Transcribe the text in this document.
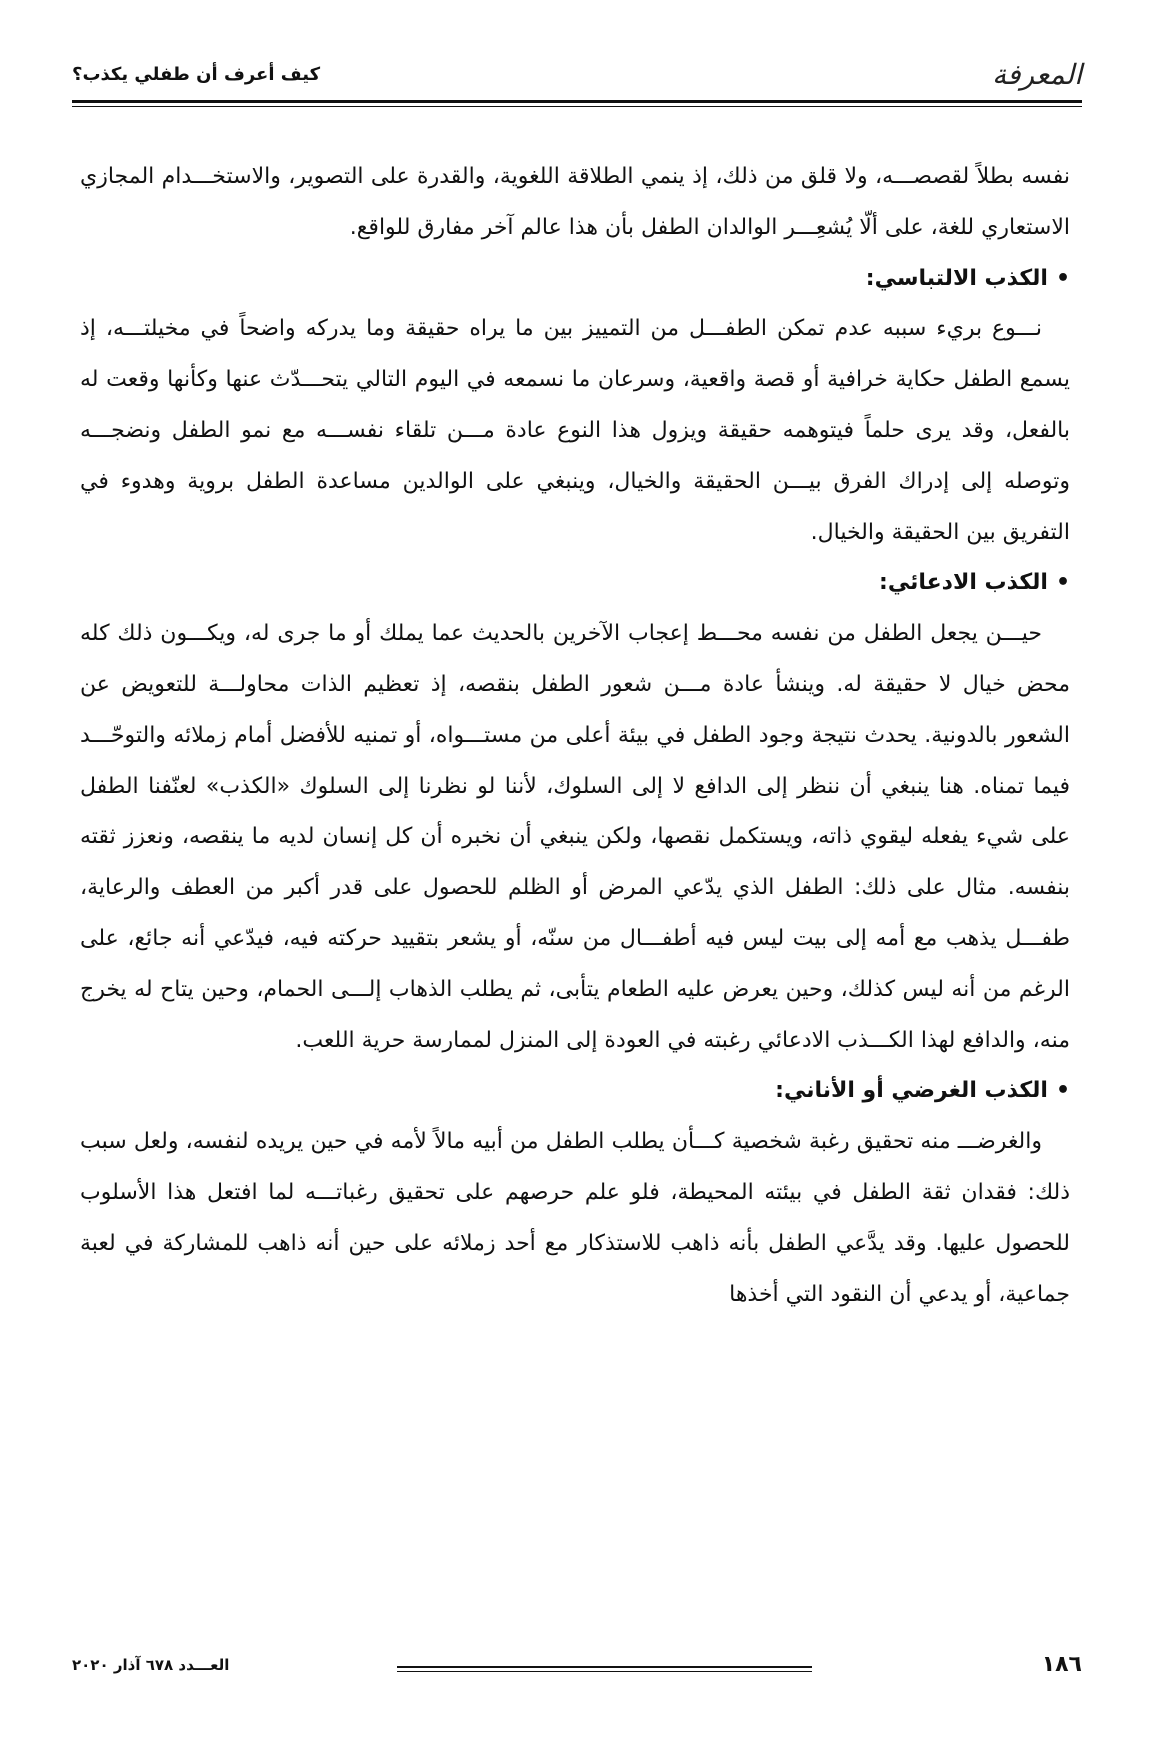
المعرفة
كيف أعرف أن طفلي يكذب؟

نفسه بطلاً لقصصـــه، ولا قلق من ذلك، إذ ينمي الطلاقة اللغوية، والقدرة على التصوير، والاستخـــدام المجازي الاستعاري للغة، على ألّا يُشعِـــر الوالدان الطفل بأن هذا عالم آخر مفارق للواقع.

•الكذب الالتباسي:

نـــوع بريء سببه عدم تمكن الطفـــل من التمييز بين ما يراه حقيقة وما يدركه واضحاً في مخيلتـــه، إذ يسمع الطفل حكاية خرافية أو قصة واقعية، وسرعان ما نسمعه في اليوم التالي يتحـــدّث عنها وكأنها وقعت له بالفعل، وقد يرى حلماً فيتوهمه حقيقة ويزول هذا النوع عادة مـــن تلقاء نفســـه مع نمو الطفل ونضجـــه وتوصله إلى إدراك الفرق بيـــن الحقيقة والخيال، وينبغي على الوالدين مساعدة الطفل بروية وهدوء في التفريق بين الحقيقة والخيال.

•الكذب الادعائي:

حيـــن يجعل الطفل من نفسه محـــط إعجاب الآخرين بالحديث عما يملك أو ما جرى له، ويكـــون ذلك كله محض خيال لا حقيقة له. وينشأ عادة مـــن شعور الطفل بنقصه، إذ تعظيم الذات محاولـــة للتعويض عن الشعور بالدونية. يحدث نتيجة وجود الطفل في بيئة أعلى من مستـــواه، أو تمنيه للأفضل أمام زملائه والتوحّـــد فيما تمناه. هنا ينبغي أن ننظر إلى الدافع لا إلى السلوك، لأننا لو نظرنا إلى السلوك «الكذب» لعنّفنا الطفل على شيء يفعله ليقوي ذاته، ويستكمل نقصها، ولكن ينبغي أن نخبره أن كل إنسان لديه ما ينقصه، ونعزز ثقته بنفسه. مثال على ذلك: الطفل الذي يدّعي المرض أو الظلم للحصول على قدر أكبر من العطف والرعاية، طفـــل يذهب مع أمه إلى بيت ليس فيه أطفـــال من سنّه، أو يشعر بتقييد حركته فيه، فيدّعي أنه جائع، على الرغم من أنه ليس كذلك، وحين يعرض عليه الطعام يتأبى، ثم يطلب الذهاب إلـــى الحمام، وحين يتاح له يخرج منه، والدافع لهذا الكـــذب الادعائي رغبته في العودة إلى المنزل لممارسة حرية اللعب.

•الكذب الغرضي أو الأناني:

والغرضـــ منه تحقيق رغبة شخصية كـــأن يطلب الطفل من أبيه مالاً لأمه في حين يريده لنفسه، ولعل سبب ذلك: فقدان ثقة الطفل في بيئته المحيطة، فلو علم حرصهم على تحقيق رغباتـــه لما افتعل هذا الأسلوب للحصول عليها. وقد يدَّعي الطفل بأنه ذاهب للاستذكار مع أحد زملائه على حين أنه ذاهب للمشاركة في لعبة جماعية، أو يدعي أن النقود التي أخذها

١٨٦
العـــدد ٦٧٨ آذار ٢٠٢٠
